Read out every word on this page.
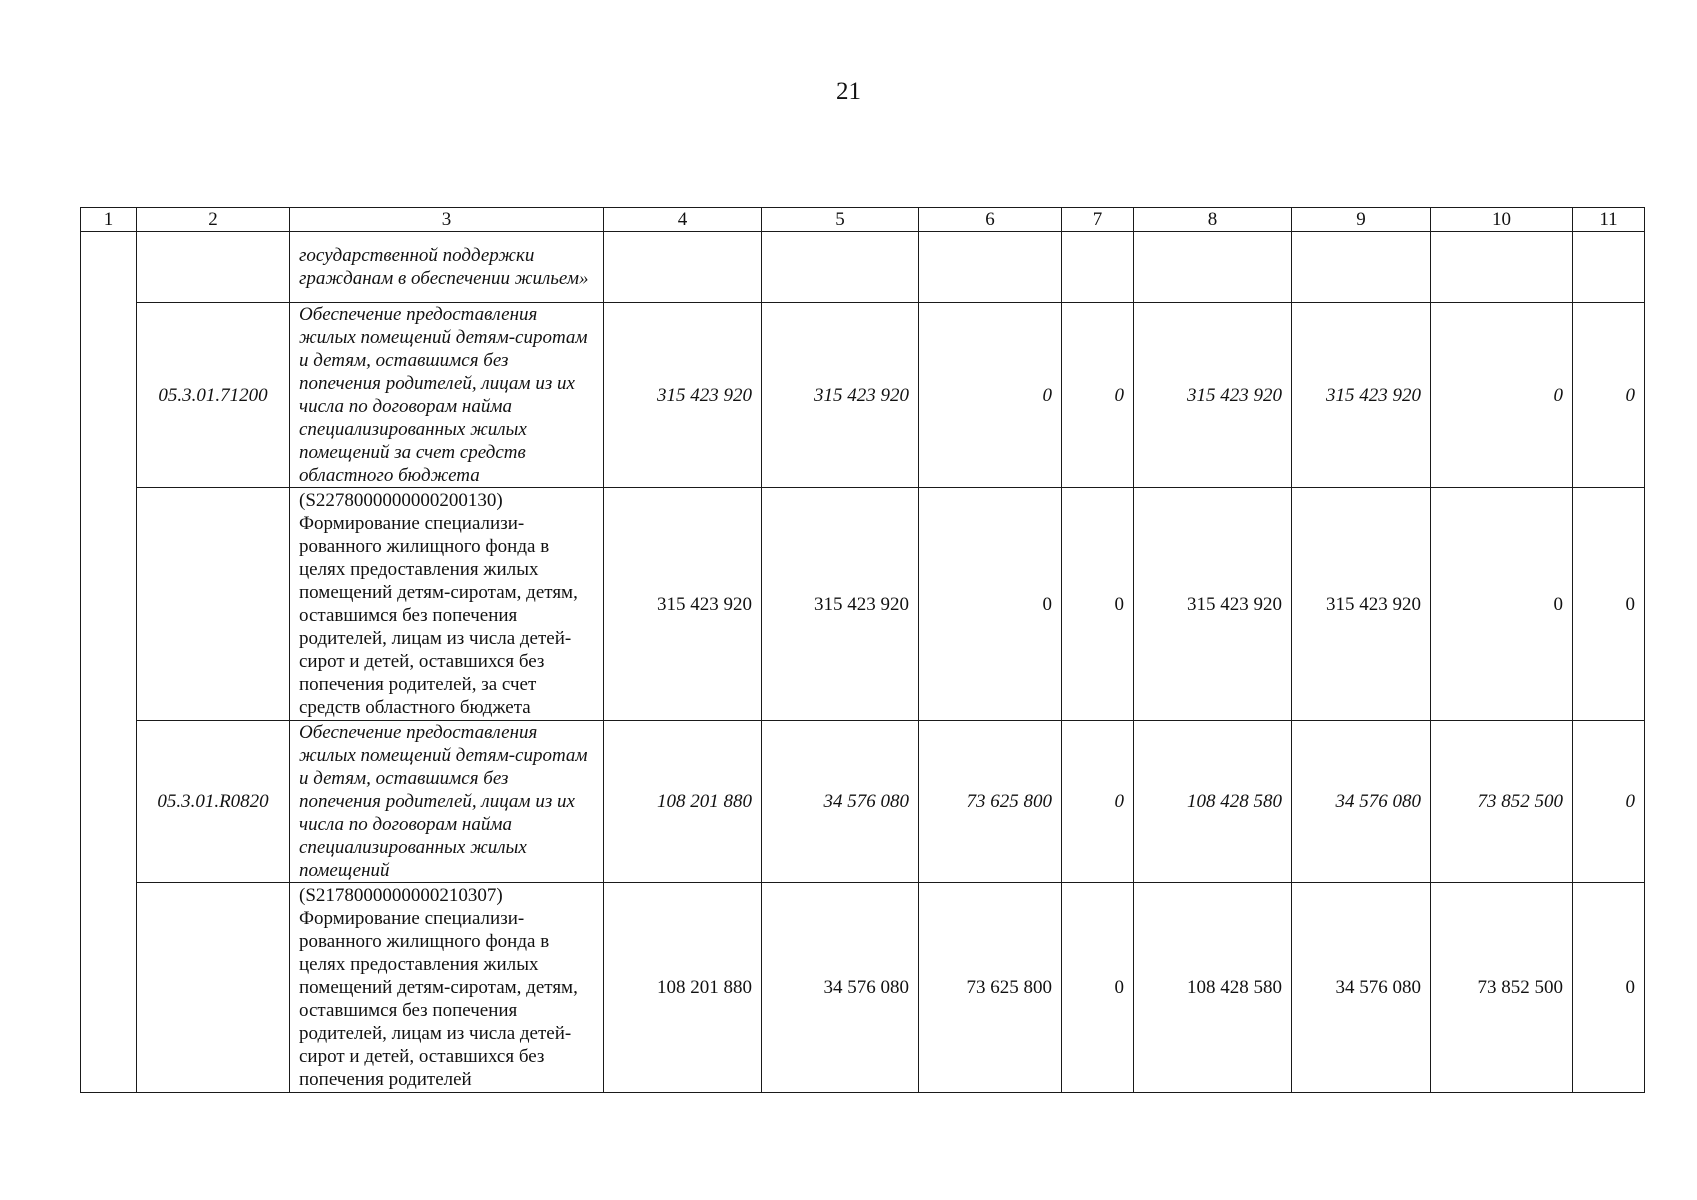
21
1	2	3	4	5	6	7	8	9	10	11
		государственной поддержки гражданам в обеспечении жильем»								
	05.3.01.71200	Обеспечение предоставления жилых помещений детям-сиротам и детям, оставшимся без попечения родителей, лицам из их числа по договорам найма специализированных жилых помещений за счет средств областного бюджета	315 423 920	315 423 920	0	0	315 423 920	315 423 920	0	0
		(S2278000000000200130) Формирование специализи-рованного жилищного фонда в целях предоставления жилых помещений детям-сиротам, детям, оставшимся без попечения родителей, лицам из числа детей-сирот и детей, оставшихся без попечения родителей, за счет средств областного бюджета	315 423 920	315 423 920	0	0	315 423 920	315 423 920	0	0
	05.3.01.R0820	Обеспечение предоставления жилых помещений детям-сиротам и детям, оставшимся без попечения родителей, лицам из их числа по договорам найма специализированных жилых помещений	108 201 880	34 576 080	73 625 800	0	108 428 580	34 576 080	73 852 500	0
		(S2178000000000210307) Формирование специализи-рованного жилищного фонда в целях предоставления жилых помещений детям-сиротам, детям, оставшимся без попечения родителей, лицам из числа детей-сирот и детей, оставшихся без попечения родителей	108 201 880	34 576 080	73 625 800	0	108 428 580	34 576 080	73 852 500	0
